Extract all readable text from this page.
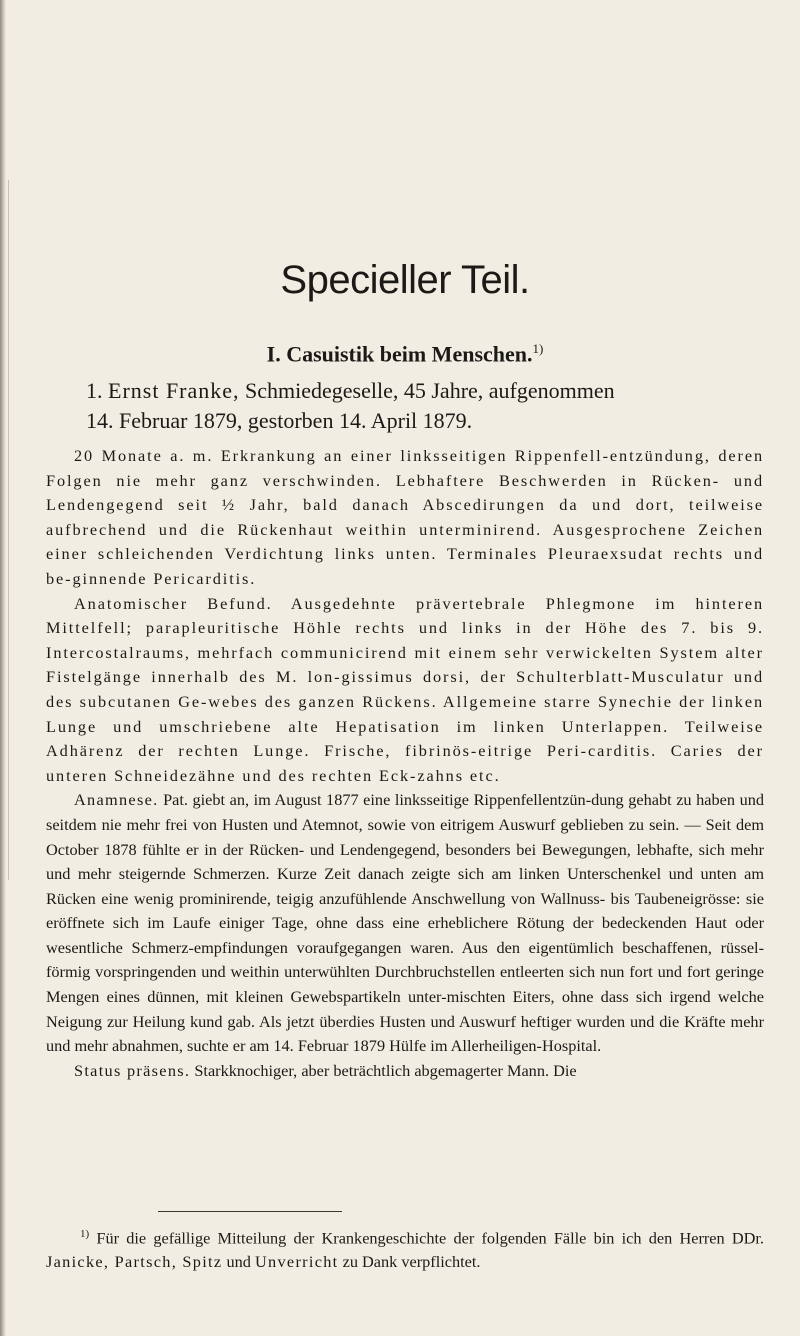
Specieller Teil.
I. Casuistik beim Menschen.$^{1)}$
1. Ernst Franke, Schmiedegeselle, 45 Jahre, aufgenommen
14. Februar 1879, gestorben 14. April 1879.

20 Monate a. m. Erkrankung an einer linksseitigen Rippenfell-entzündung, deren Folgen nie mehr ganz verschwinden. Lebhaftere Beschwerden in Rücken- und Lendengegend seit ½ Jahr, bald danach Abscedirungen da und dort, teilweise aufbrechend und die Rückenhaut weithin unterminirend. Ausgesprochene Zeichen einer schleichenden Verdichtung links unten. Terminales Pleuraexsudat rechts und be-ginnende Pericarditis.

Anatomischer Befund. Ausgedehnte prävertebrale Phlegmone im hinteren Mittelfell; parapleuritische Höhle rechts und links in der Höhe des 7. bis 9. Intercostalraums, mehrfach communicirend mit einem sehr verwickelten System alter Fistelgänge innerhalb des M. lon-gissimus dorsi, der Schulterblatt-Musculatur und des subcutanen Ge-webes des ganzen Rückens. Allgemeine starre Synechie der linken Lunge und umschriebene alte Hepatisation im linken Unterlappen. Teilweise Adhärenz der rechten Lunge. Frische, fibrinös-eitrige Peri-carditis. Caries der unteren Schneidezähne und des rechten Eck-zahns etc.

Anamnese. Pat. giebt an, im August 1877 eine linksseitige Rippenfellentzün-dung gehabt zu haben und seitdem nie mehr frei von Husten und Atemnot, sowie von eitrigem Auswurf geblieben zu sein. — Seit dem October 1878 fühlte er in der Rücken- und Lendengegend, besonders bei Bewegungen, lebhafte, sich mehr und mehr steigernde Schmerzen. Kurze Zeit danach zeigte sich am linken Unterschenkel und unten am Rücken eine wenig prominirende, teigig anzufühlende Anschwellung von Wallnuss- bis Taubeneigrösse: sie eröffnete sich im Laufe einiger Tage, ohne dass eine erheblichere Rötung der bedeckenden Haut oder wesentliche Schmerz-empfindungen voraufgegangen waren. Aus den eigentümlich beschaffenen, rüssel-förmig vorspringenden und weithin unterwühlten Durchbruchstellen entleerten sich nun fort und fort geringe Mengen eines dünnen, mit kleinen Gewebspartikeln unter-mischten Eiters, ohne dass sich irgend welche Neigung zur Heilung kund gab. Als jetzt überdies Husten und Auswurf heftiger wurden und die Kräfte mehr und mehr abnahmen, suchte er am 14. Februar 1879 Hülfe im Allerheiligen-Hospital.

Status präsens. Starkknochiger, aber beträchtlich abgemagerter Mann. Die

$^{1)}$ Für die gefällige Mitteilung der Krankengeschichte der folgenden Fälle bin ich den Herren DDr. Janicke, Partsch, Spitz und Unverricht zu Dank verpflichtet.
